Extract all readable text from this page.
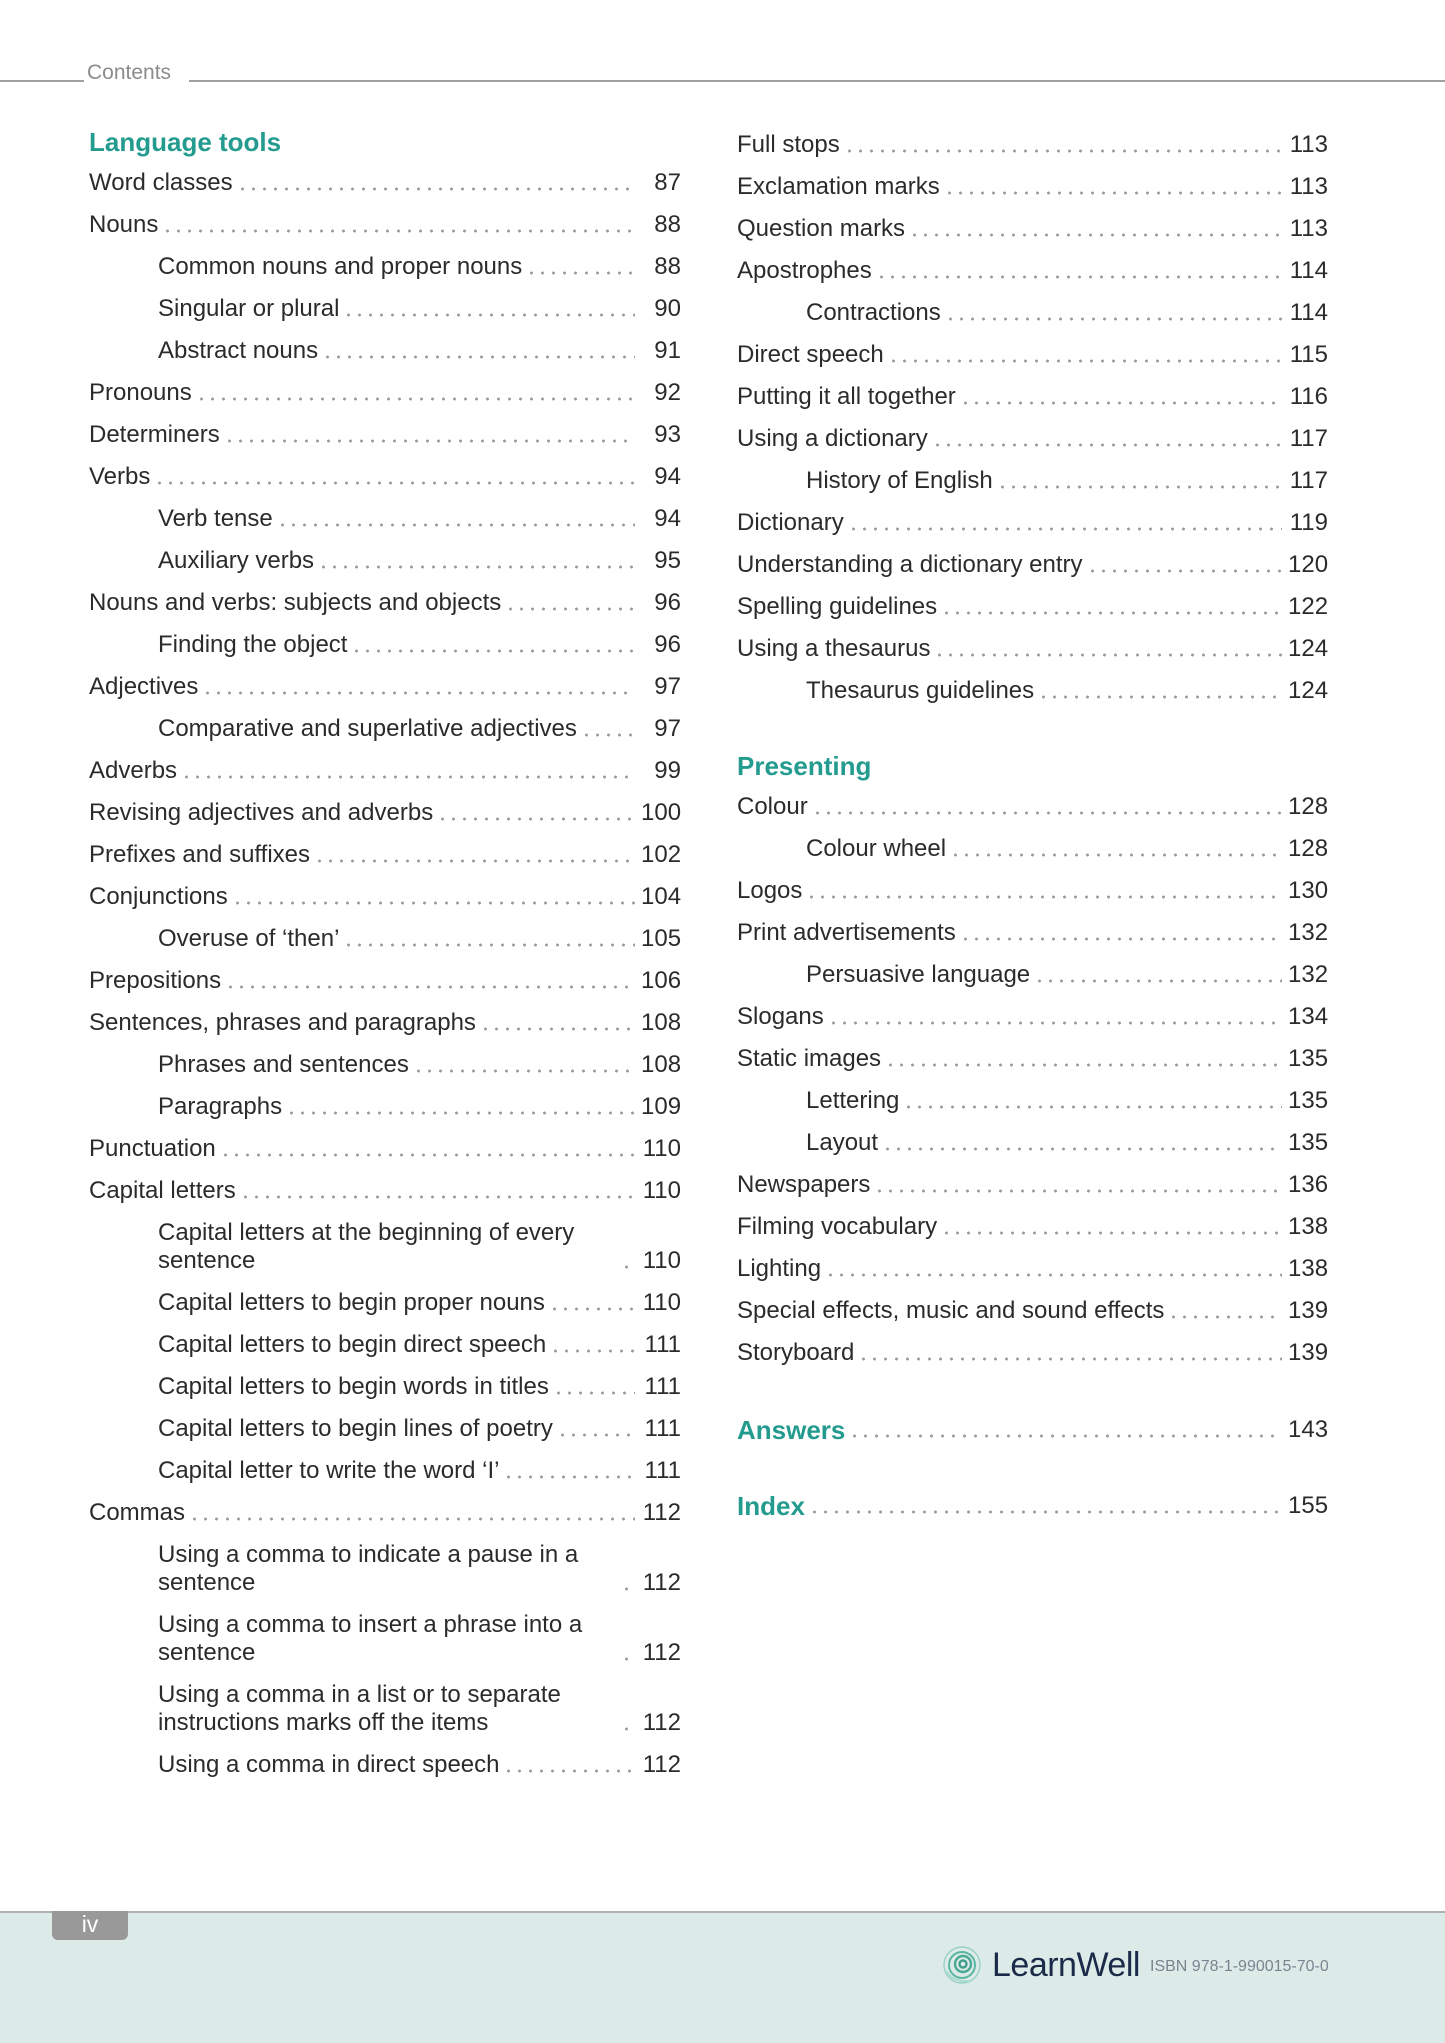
Contents
Language tools
Word classes	87
Nouns	88
Common nouns and proper nouns	88
Singular or plural	90
Abstract nouns	91
Pronouns	92
Determiners	93
Verbs	94
Verb tense	94
Auxiliary verbs	95
Nouns and verbs: subjects and objects	96
Finding the object	96
Adjectives	97
Comparative and superlative adjectives	97
Adverbs	99
Revising adjectives and adverbs	100
Prefixes and suffixes	102
Conjunctions	104
Overuse of ‘then’	105
Prepositions	106
Sentences, phrases and paragraphs	108
Phrases and sentences	108
Paragraphs	109
Punctuation	110
Capital letters	110
Capital letters at the beginning of every sentence	110
Capital letters to begin proper nouns	110
Capital letters to begin direct speech	111
Capital letters to begin words in titles	111
Capital letters to begin lines of poetry	111
Capital letter to write the word ‘I’	111
Commas	112
Using a comma to indicate a pause in a sentence	112
Using a comma to insert a phrase into a sentence	112
Using a comma in a list or to separate instructions marks off the items	112
Using a comma in direct speech	112
Full stops	113
Exclamation marks	113
Question marks	113
Apostrophes	114
Contractions	114
Direct speech	115
Putting it all together	116
Using a dictionary	117
History of English	117
Dictionary	119
Understanding a dictionary entry	120
Spelling guidelines	122
Using a thesaurus	124
Thesaurus guidelines	124
Presenting
Colour	128
Colour wheel	128
Logos	130
Print advertisements	132
Persuasive language	132
Slogans	134
Static images	135
Lettering	135
Layout	135
Newspapers	136
Filming vocabulary	138
Lighting	138
Special effects, music and sound effects	139
Storyboard	139
Answers	143
Index	155
iv
LearnWell ISBN 978-1-990015-70-0
